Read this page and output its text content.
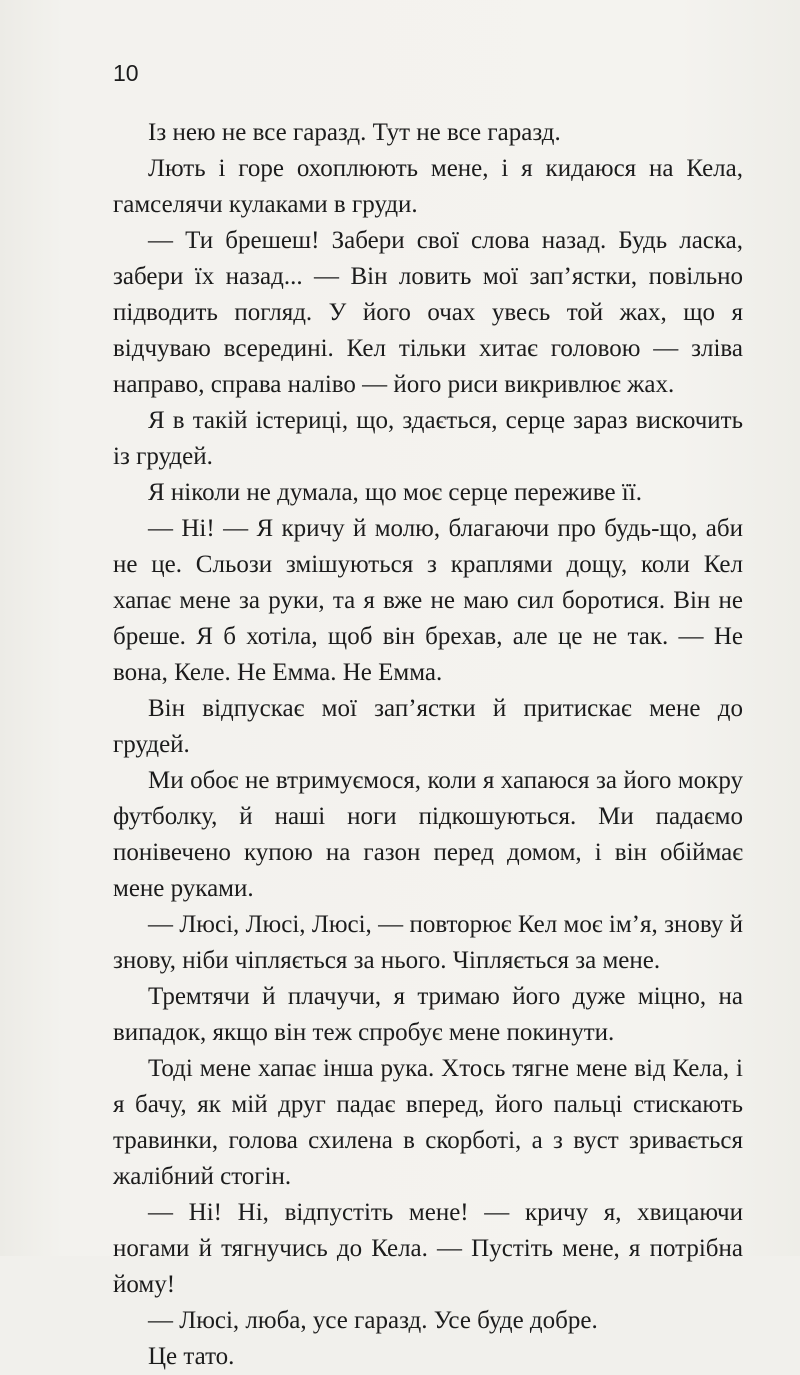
10

Із нею не все гаразд. Тут не все гаразд.

Лють і горе охоплюють мене, і я кидаюся на Кела, гамселячи кулаками в груди.

— Ти брешеш! Забери свої слова назад. Будь ласка, забери їх назад... — Він ловить мої зап’ястки, повільно підводить погляд. У його очах увесь той жах, що я відчуваю всередині. Кел тільки хитає головою — зліва направо, справа наліво — його риси викривлює жах.

Я в такій істериці, що, здається, серце зараз вискочить із грудей.

Я ніколи не думала, що моє серце переживе її.

— Ні! — Я кричу й молю, благаючи про будь-що, аби не це. Сльози змішуються з краплями дощу, коли Кел хапає мене за руки, та я вже не маю сил боротися. Він не бреше. Я б хотіла, щоб він брехав, але це не так. — Не вона, Келе. Не Емма. Не Емма.

Він відпускає мої зап’ястки й притискає мене до грудей.

Ми обоє не втримуємося, коли я хапаюся за його мокру футболку, й наші ноги підкошуються. Ми падаємо понівечено купою на газон перед домом, і він обіймає мене руками.

— Люсі, Люсі, Люсі, — повторює Кел моє ім’я, знову й знову, ніби чіпляється за нього. Чіпляється за мене.

Тремтячи й плачучи, я тримаю його дуже міцно, на випадок, якщо він теж спробує мене покинути.

Тоді мене хапає інша рука. Хтось тягне мене від Кела, і я бачу, як мій друг падає вперед, його пальці стискають травинки, голова схилена в скорботі, а з вуст зривається жалібний стогін.

— Ні! Ні, відпустіть мене! — кричу я, хвицаючи ногами й тягнучись до Кела. — Пустіть мене, я потрібна йому!

— Люсі, люба, усе гаразд. Усе буде добре.

Це тато.
